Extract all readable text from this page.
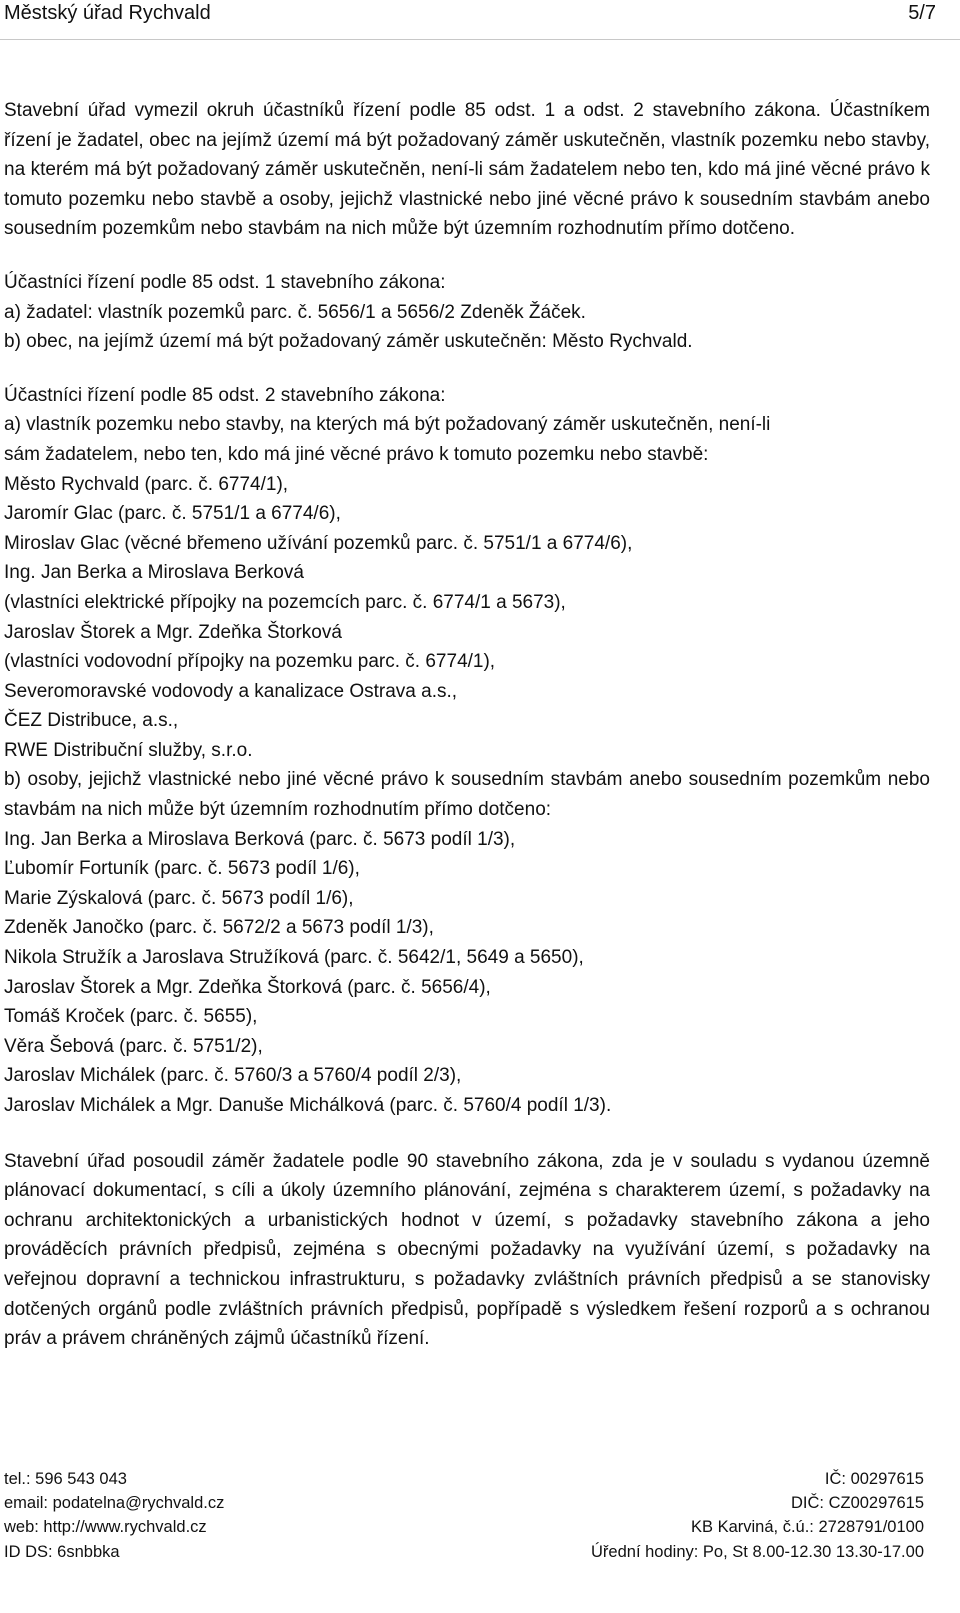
Městský úřad Rychvald	5/7

Stavební úřad vymezil okruh účastníků řízení podle 85 odst. 1 a odst. 2 stavebního zákona. Účastníkem řízení je žadatel, obec na jejímž území má být požadovaný záměr uskutečněn, vlastník pozemku nebo stavby, na kterém má být požadovaný záměr uskutečněn, není-li sám žadatelem nebo ten, kdo má jiné věcné právo k tomuto pozemku nebo stavbě a osoby, jejichž vlastnické nebo jiné věcné právo k sousedním stavbám anebo sousedním pozemkům nebo stavbám na nich může být územním rozhodnutím přímo dotčeno.

Účastníci řízení podle 85 odst. 1 stavebního zákona:
a) žadatel: vlastník pozemků parc. č. 5656/1 a 5656/2 Zdeněk Žáček.
b) obec, na jejímž území má být požadovaný záměr uskutečněn: Město Rychvald.
Účastníci řízení podle 85 odst. 2 stavebního zákona:
a) vlastník pozemku nebo stavby, na kterých má být požadovaný záměr uskutečněn, není-li
sám žadatelem, nebo ten, kdo má jiné věcné právo k tomuto pozemku nebo stavbě:
Město Rychvald (parc. č. 6774/1),
Jaromír Glac (parc. č. 5751/1 a 6774/6),
Miroslav Glac (věcné břemeno užívání pozemků parc. č. 5751/1 a 6774/6),
Ing. Jan Berka a Miroslava Berková
(vlastníci elektrické přípojky na pozemcích parc. č. 6774/1 a 5673),
Jaroslav Štorek a Mgr. Zdeňka Štorková
(vlastníci vodovodní přípojky na pozemku parc. č. 6774/1),
Severomoravské vodovody a kanalizace Ostrava a.s.,
ČEZ Distribuce, a.s.,
RWE Distribuční služby, s.r.o.

b) osoby, jejichž vlastnické nebo jiné věcné právo k sousedním stavbám anebo sousedním pozemkům nebo stavbám na nich může být územním rozhodnutím přímo dotčeno:

Ing. Jan Berka a Miroslava Berková (parc. č. 5673 podíl 1/3),
Ľubomír Fortuník (parc. č. 5673 podíl 1/6),
Marie Zýskalová (parc. č. 5673 podíl 1/6),
Zdeněk Janočko (parc. č. 5672/2 a 5673 podíl 1/3),
Nikola Stružík a Jaroslava Stružíková (parc. č. 5642/1, 5649 a 5650),
Jaroslav Štorek a Mgr. Zdeňka Štorková (parc. č. 5656/4),
Tomáš Kroček (parc. č. 5655),
Věra Šebová (parc. č. 5751/2),
Jaroslav Michálek (parc. č. 5760/3 a 5760/4 podíl 2/3),
Jaroslav Michálek a Mgr. Danuše Michálková (parc. č. 5760/4 podíl 1/3).

Stavební úřad posoudil záměr žadatele podle 90 stavebního zákona, zda je v souladu s vydanou územně plánovací dokumentací, s cíli a úkoly územního plánování, zejména s charakterem území, s požadavky na ochranu architektonických a urbanistických hodnot v území, s požadavky stavebního zákona a jeho prováděcích právních předpisů, zejména s obecnými požadavky na využívání území, s požadavky na veřejnou dopravní a technickou infrastrukturu, s požadavky zvláštních právních předpisů a se stanovisky dotčených orgánů podle zvláštních právních předpisů, popřípadě s výsledkem řešení rozporů a s ochranou práv a právem chráněných zájmů účastníků řízení.

tel.: 596 543 043	IČ: 00297615
email: podatelna@rychvald.cz	DIČ: CZ00297615
web: http://www.rychvald.cz	KB Karviná, č.ú.: 2728791/0100
ID DS: 6snbbka	Úřední hodiny: Po, St 8.00-12.30 13.30-17.00
